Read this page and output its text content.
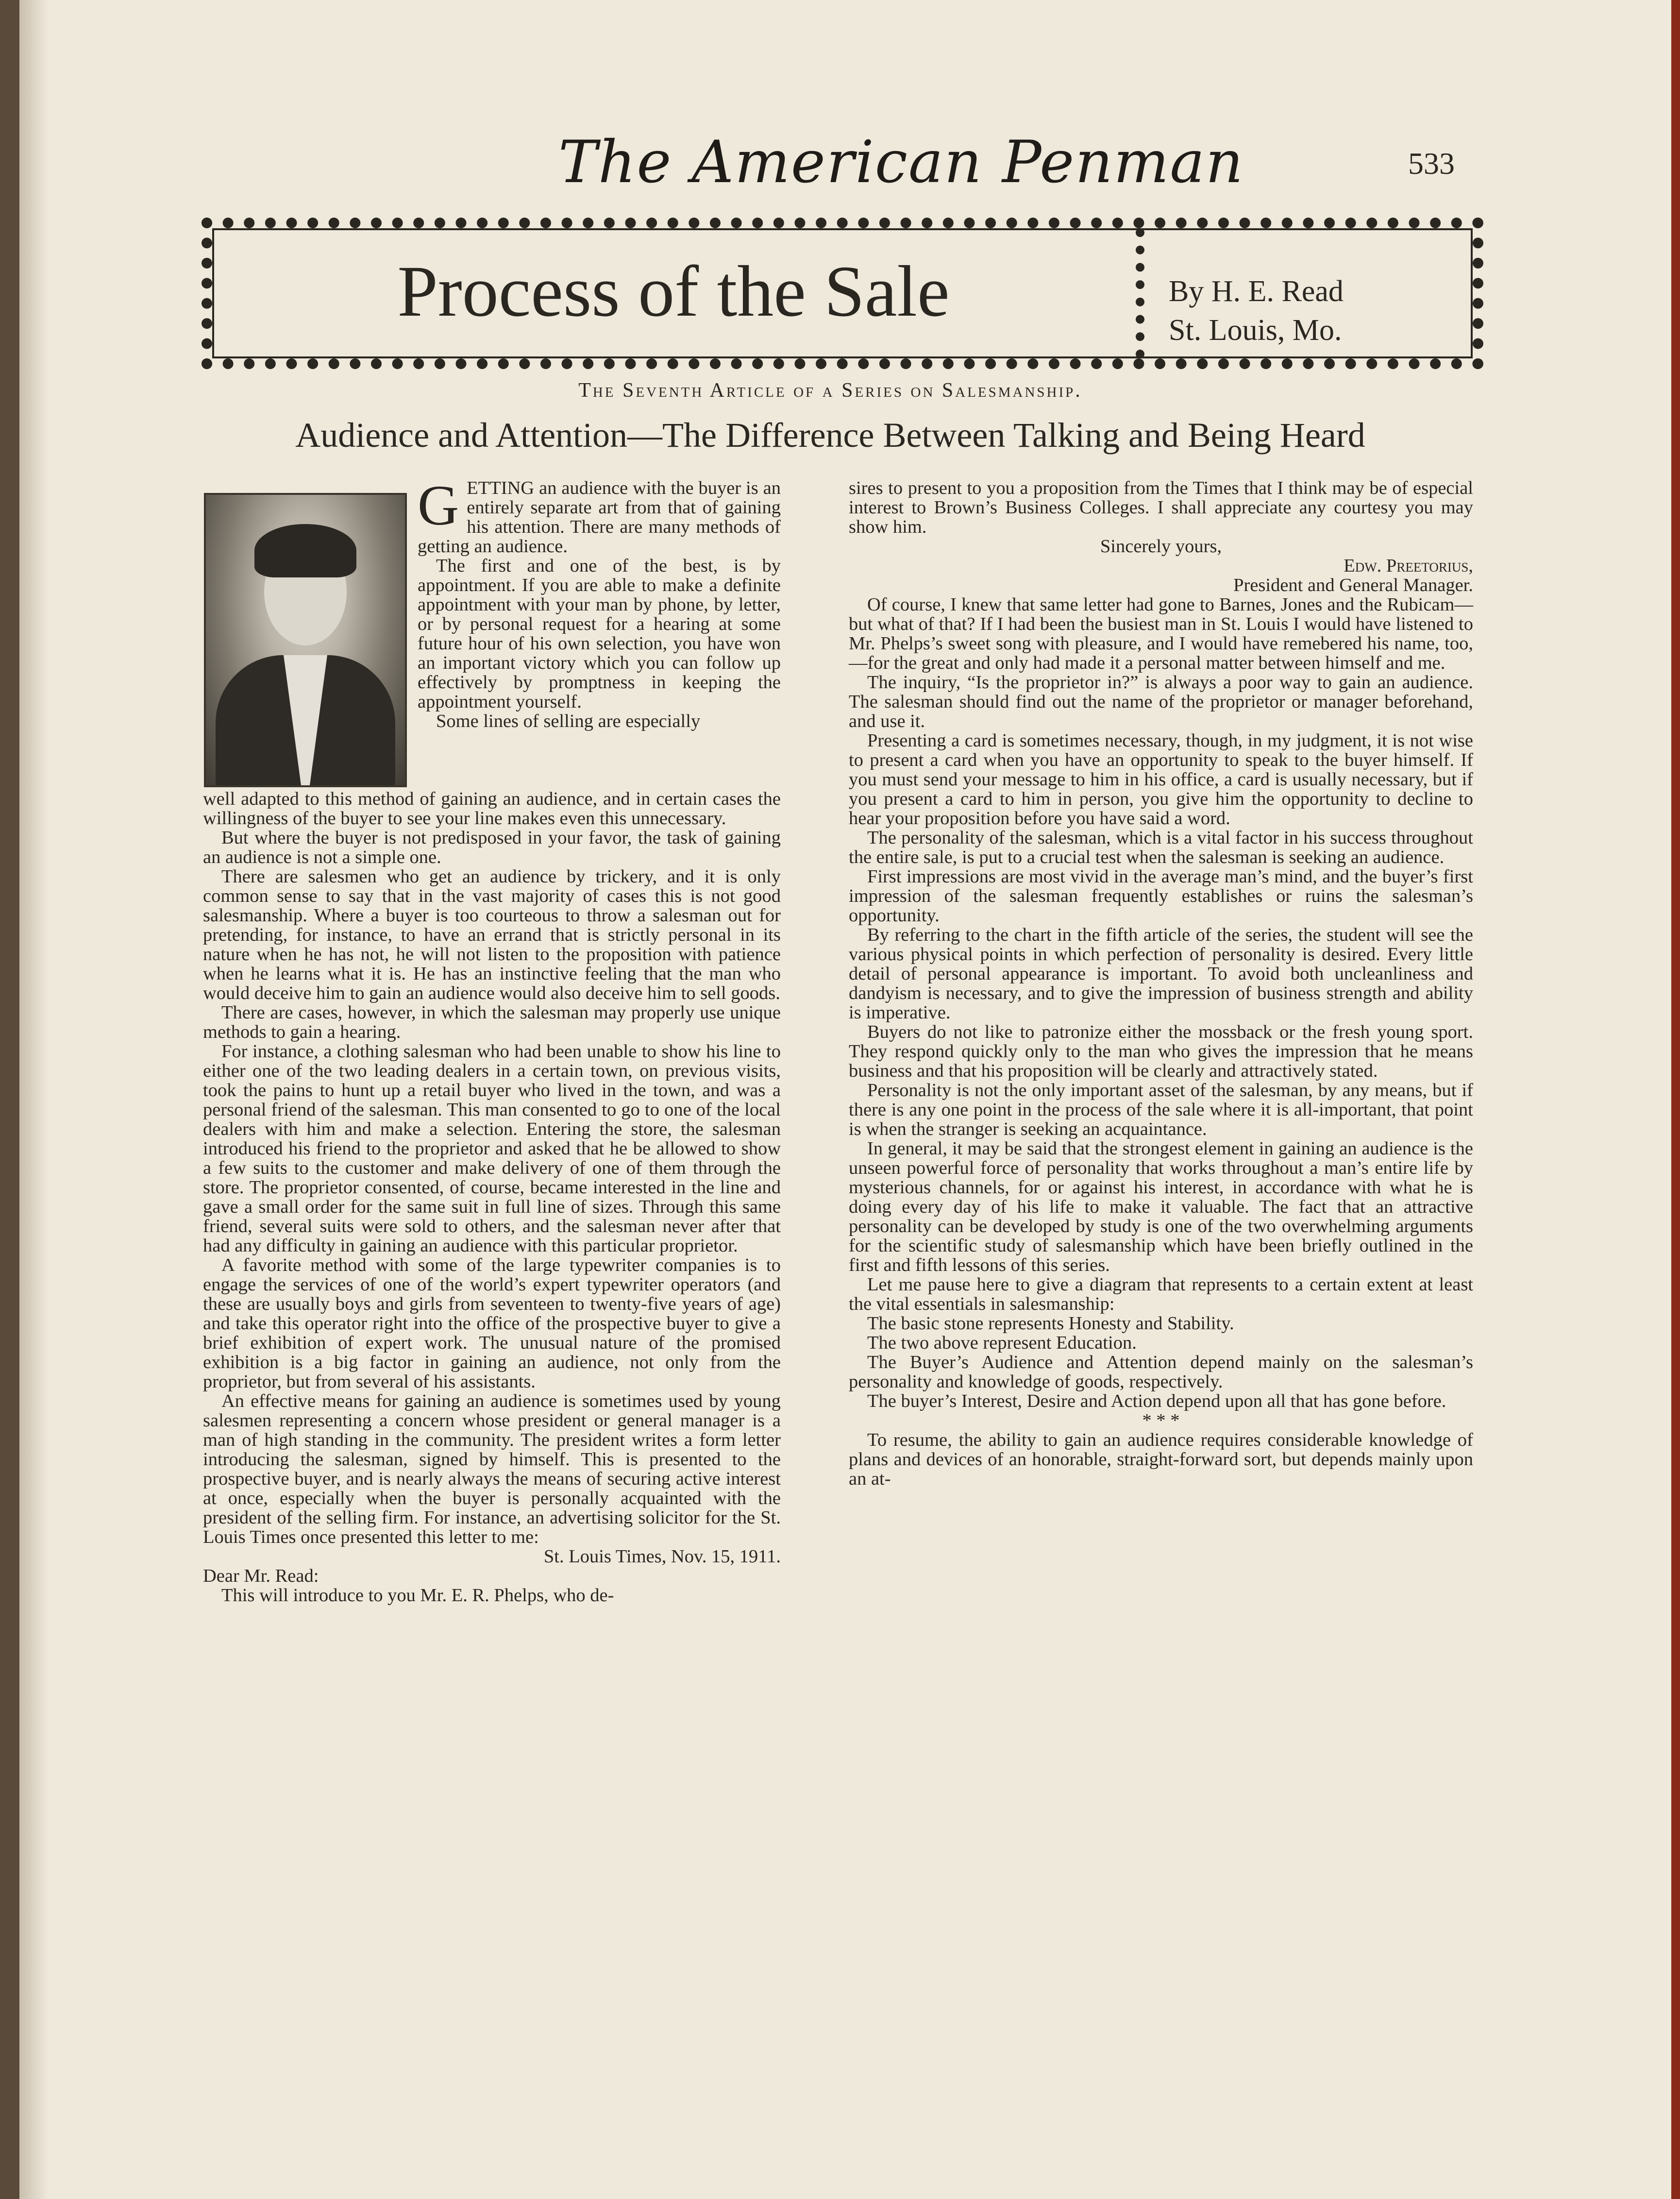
The American Penman	533
Process of the Sale	By H. E. Read
St. Louis, Mo.
The Seventh Article of a Series on Salesmanship.
Audience and Attention—The Difference Between Talking and Being Heard

GETTING an audience with the buyer is an entirely separate art from that of gaining his attention. There are many methods of getting an audience.

The first and one of the best, is by appointment. If you are able to make a definite appointment with your man by phone, by letter, or by personal request for a hearing at some future hour of his own selection, you have won an important victory which you can follow up effectively by promptness in keeping the appointment yourself.

Some lines of selling are especially

well adapted to this method of gaining an audience, and in certain cases the willingness of the buyer to see your line makes even this unnecessary.

But where the buyer is not predisposed in your favor, the task of gaining an audience is not a simple one.

There are salesmen who get an audience by trickery, and it is only common sense to say that in the vast majority of cases this is not good salesmanship. Where a buyer is too courteous to throw a salesman out for pretending, for instance, to have an errand that is strictly personal in its nature when he has not, he will not listen to the proposition with patience when he learns what it is. He has an instinctive feeling that the man who would deceive him to gain an audience would also deceive him to sell goods.

There are cases, however, in which the salesman may properly use unique methods to gain a hearing.

For instance, a clothing salesman who had been unable to show his line to either one of the two leading dealers in a certain town, on previous visits, took the pains to hunt up a retail buyer who lived in the town, and was a personal friend of the salesman. This man consented to go to one of the local dealers with him and make a selection. Entering the store, the salesman introduced his friend to the proprietor and asked that he be allowed to show a few suits to the customer and make delivery of one of them through the store. The proprietor consented, of course, became interested in the line and gave a small order for the same suit in full line of sizes. Through this same friend, several suits were sold to others, and the salesman never after that had any difficulty in gaining an audience with this particular proprietor.

A favorite method with some of the large typewriter companies is to engage the services of one of the world’s expert typewriter operators (and these are usually boys and girls from seventeen to twenty-five years of age) and take this operator right into the office of the prospective buyer to give a brief exhibition of expert work. The unusual nature of the promised exhibition is a big factor in gaining an audience, not only from the proprietor, but from several of his assistants.

An effective means for gaining an audience is sometimes used by young salesmen representing a concern whose president or general manager is a man of high standing in the community. The president writes a form letter introducing the salesman, signed by himself. This is presented to the prospective buyer, and is nearly always the means of securing active interest at once, especially when the buyer is personally acquainted with the president of the selling firm. For instance, an advertising solicitor for the St. Louis Times once presented this letter to me:

St. Louis Times, Nov. 15, 1911.

Dear Mr. Read:

This will introduce to you Mr. E. R. Phelps, who de-

sires to present to you a proposition from the Times that I think may be of especial interest to Brown’s Business Colleges. I shall appreciate any courtesy you may show him.

Sincerely yours,

Edw. Preetorius,

President and General Manager.

Of course, I knew that same letter had gone to Barnes, Jones and the Rubicam—but what of that? If I had been the busiest man in St. Louis I would have listened to Mr. Phelps’s sweet song with pleasure, and I would have remebered his name, too,—for the great and only had made it a personal matter between himself and me.

The inquiry, “Is the proprietor in?” is always a poor way to gain an audience. The salesman should find out the name of the proprietor or manager beforehand, and use it.

Presenting a card is sometimes necessary, though, in my judgment, it is not wise to present a card when you have an opportunity to speak to the buyer himself. If you must send your message to him in his office, a card is usually necessary, but if you present a card to him in person, you give him the opportunity to decline to hear your proposition before you have said a word.

The personality of the salesman, which is a vital factor in his success throughout the entire sale, is put to a crucial test when the salesman is seeking an audience.

First impressions are most vivid in the average man’s mind, and the buyer’s first impression of the salesman frequently establishes or ruins the salesman’s opportunity.

By referring to the chart in the fifth article of the series, the student will see the various physical points in which perfection of personality is desired. Every little detail of personal appearance is important. To avoid both uncleanliness and dandyism is necessary, and to give the impression of business strength and ability is imperative.

Buyers do not like to patronize either the mossback or the fresh young sport. They respond quickly only to the man who gives the impression that he means business and that his proposition will be clearly and attractively stated.

Personality is not the only important asset of the salesman, by any means, but if there is any one point in the process of the sale where it is all-important, that point is when the stranger is seeking an acquaintance.

In general, it may be said that the strongest element in gaining an audience is the unseen powerful force of personality that works throughout a man’s entire life by mysterious channels, for or against his interest, in accordance with what he is doing every day of his life to make it valuable. The fact that an attractive personality can be developed by study is one of the two overwhelming arguments for the scientific study of salesmanship which have been briefly outlined in the first and fifth lessons of this series.

Let me pause here to give a diagram that represents to a certain extent at least the vital essentials in salesmanship:

The basic stone represents Honesty and Stability.

The two above represent Education.

The Buyer’s Audience and Attention depend mainly on the salesman’s personality and knowledge of goods, respectively.

The buyer’s Interest, Desire and Action depend upon all that has gone before.

* * *

To resume, the ability to gain an audience requires considerable knowledge of plans and devices of an honorable, straight-forward sort, but depends mainly upon an at-
